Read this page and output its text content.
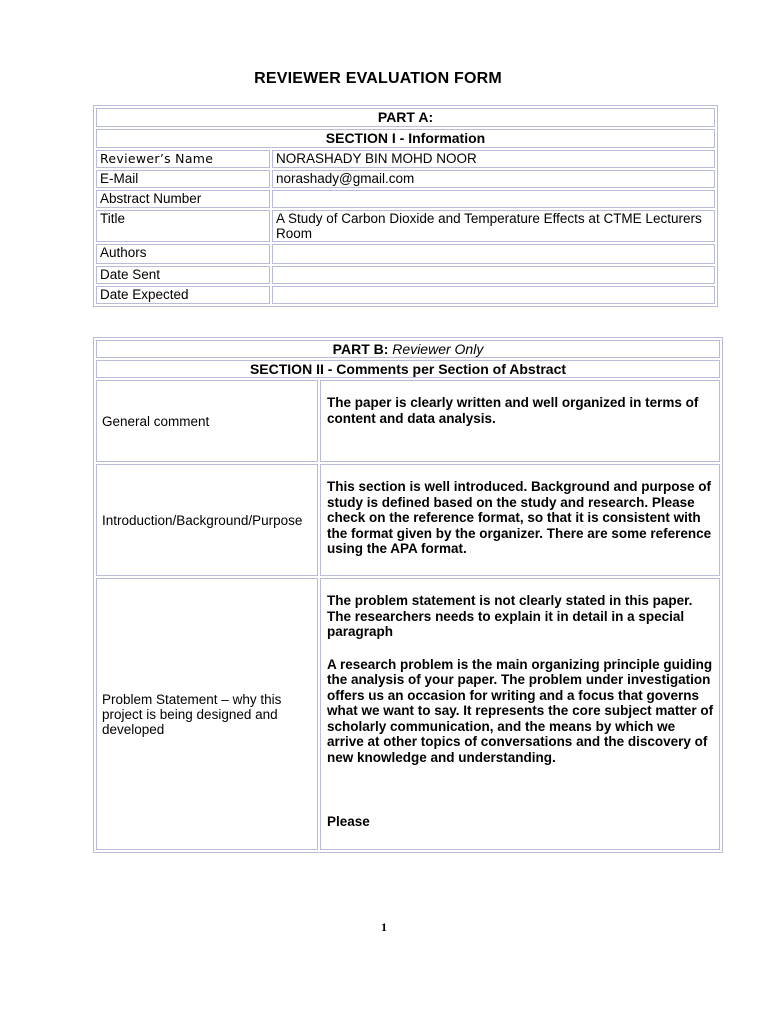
REVIEWER EVALUATION FORM
PART A:	
SECTION I - Information	
Reviewer’s Name	NORASHADY BIN MOHD NOOR
E-Mail	norashady@gmail.com
Abstract Number	
Title	A Study of Carbon Dioxide and Temperature Effects at CTME Lecturers Room
Authors	
Date Sent	
Date Expected	
PART B: Reviewer Only	
SECTION II - Comments per Section of Abstract	
General comment	The paper is clearly written and well organized in terms of content and data analysis.
Introduction/Background/Purpose	This section is well introduced. Background and purpose of study is defined based on the study and research. Please check on the reference format, so that it is consistent with the format given by the organizer. There are some reference using the APA format.
Problem Statement – why this project is being designed and developed	The problem statement is not clearly stated in this paper. The researchers needs to explain it in detail in a special paragraph

A research problem is the main organizing principle guiding the analysis of your paper. The problem under investigation offers us an occasion for writing and a focus that governs what we want to say. It represents the core subject matter of scholarly communication, and the means by which we arrive at other topics of conversations and the discovery of new knowledge and understanding.

Please

1
